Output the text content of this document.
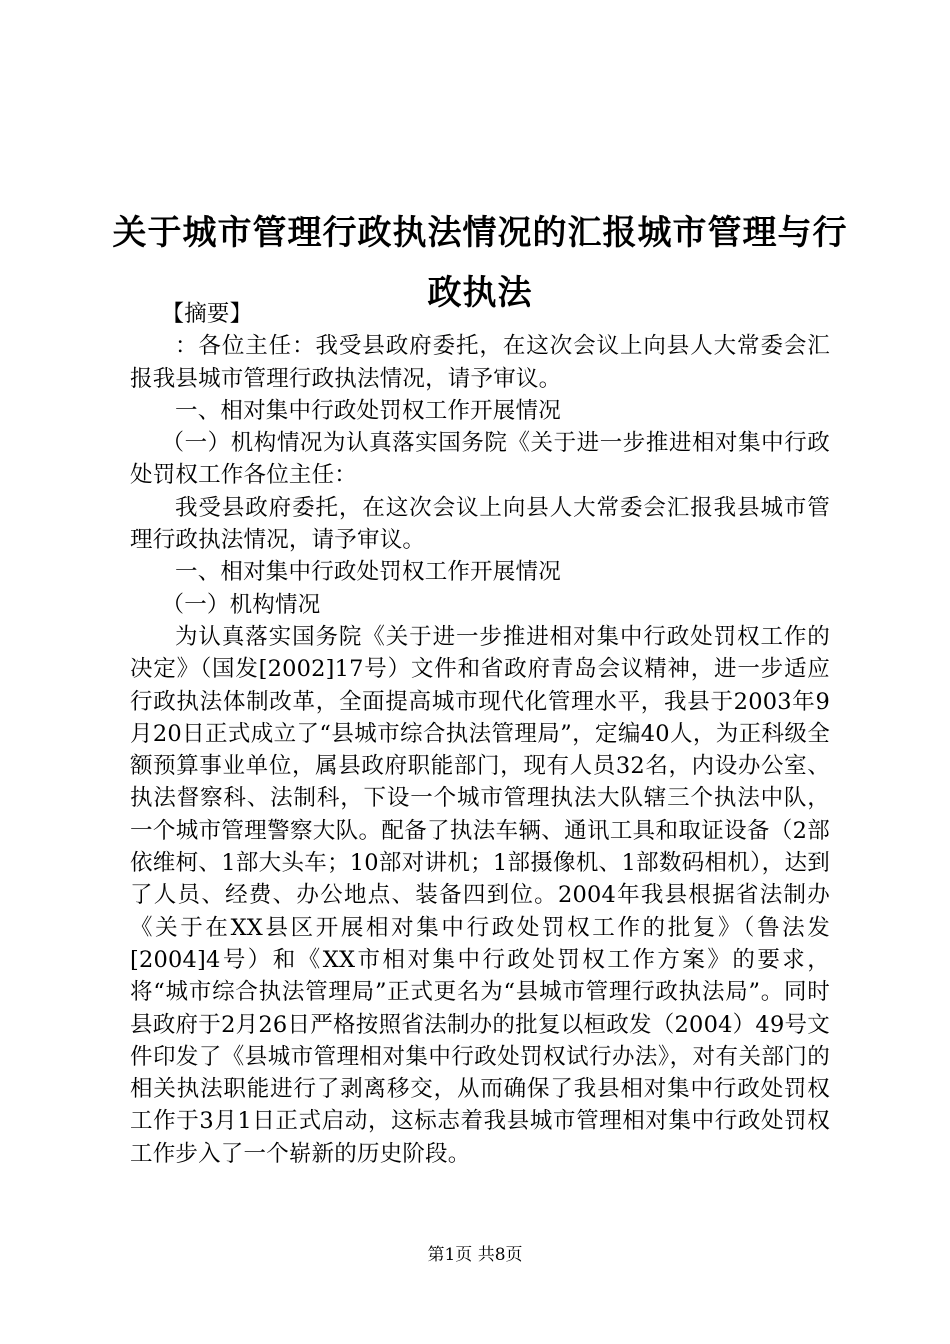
关于城市管理行政执法情况的汇报城市管理与行政执法

【摘要】

：各位主任：我受县政府委托，在这次会议上向县人大常委会汇报我县城市管理行政执法情况，请予审议。

一、相对集中行政处罚权工作开展情况

（一）机构情况为认真落实国务院《关于进一步推进相对集中行政处罚权工作各位主任：

我受县政府委托，在这次会议上向县人大常委会汇报我县城市管理行政执法情况，请予审议。

一、相对集中行政处罚权工作开展情况

（一）机构情况

为认真落实国务院《关于进一步推进相对集中行政处罚权工作的决定》（国发[2002]17号）文件和省政府青岛会议精神，进一步适应行政执法体制改革，全面提高城市现代化管理水平，我县于2003年9月20日正式成立了“县城市综合执法管理局”，定编40人，为正科级全额预算事业单位，属县政府职能部门，现有人员32名，内设办公室、执法督察科、法制科，下设一个城市管理执法大队辖三个执法中队，一个城市管理警察大队。配备了执法车辆、通讯工具和取证设备（2部依维柯、1部大头车；10部对讲机；1部摄像机、1部数码相机），达到了人员、经费、办公地点、装备四到位。2004年我县根据省法制办《关于在XX县区开展相对集中行政处罚权工作的批复》（鲁法发[2004]4号）和《XX市相对集中行政处罚权工作方案》的要求，将“城市综合执法管理局”正式更名为“县城市管理行政执法局”。同时县政府于2月26日严格按照省法制办的批复以桓政发（2004）49号文件印发了《县城市管理相对集中行政处罚权试行办法》，对有关部门的相关执法职能进行了剥离移交，从而确保了我县相对集中行政处罚权工作于3月1日正式启动，这标志着我县城市管理相对集中行政处罚权工作步入了一个崭新的历史阶段。

第1页 共8页
